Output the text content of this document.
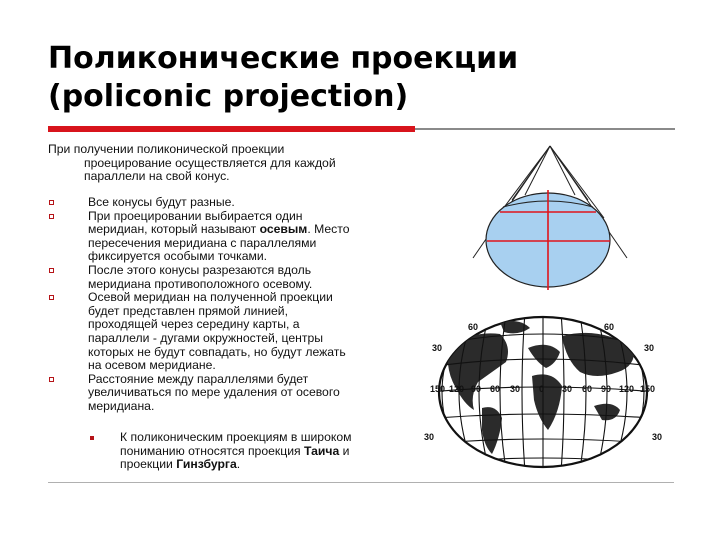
Поликонические проекции
(policonic projection)
При получении поликонической проекции
проецирование осуществляется для каждой
параллели на свой конус.
Все конусы будут разные.
При проецировании выбирается один
меридиан, который называют осевым. Место
пересечения меридиана с параллелями
фиксируется особыми точками.
После этого конусы разрезаются вдоль
меридиана противоположного осевому.
Осевой меридиан на полученной проекции
будет представлен прямой линией,
проходящей через середину карты, а
параллели - дугами окружностей, центры
которых не будут совпадать, но будут лежать
на осевом меридиане.
Расстояние между параллелями будет
увеличиваться по мере удаления от осевого
меридиана.
К поликоническим проекциям в широком
пониманию относятся проекция Таича и
проекции Гинзбурга.
60	60
30	30
150 120 90 60 30 0 30 60 90 120 150
30	30
